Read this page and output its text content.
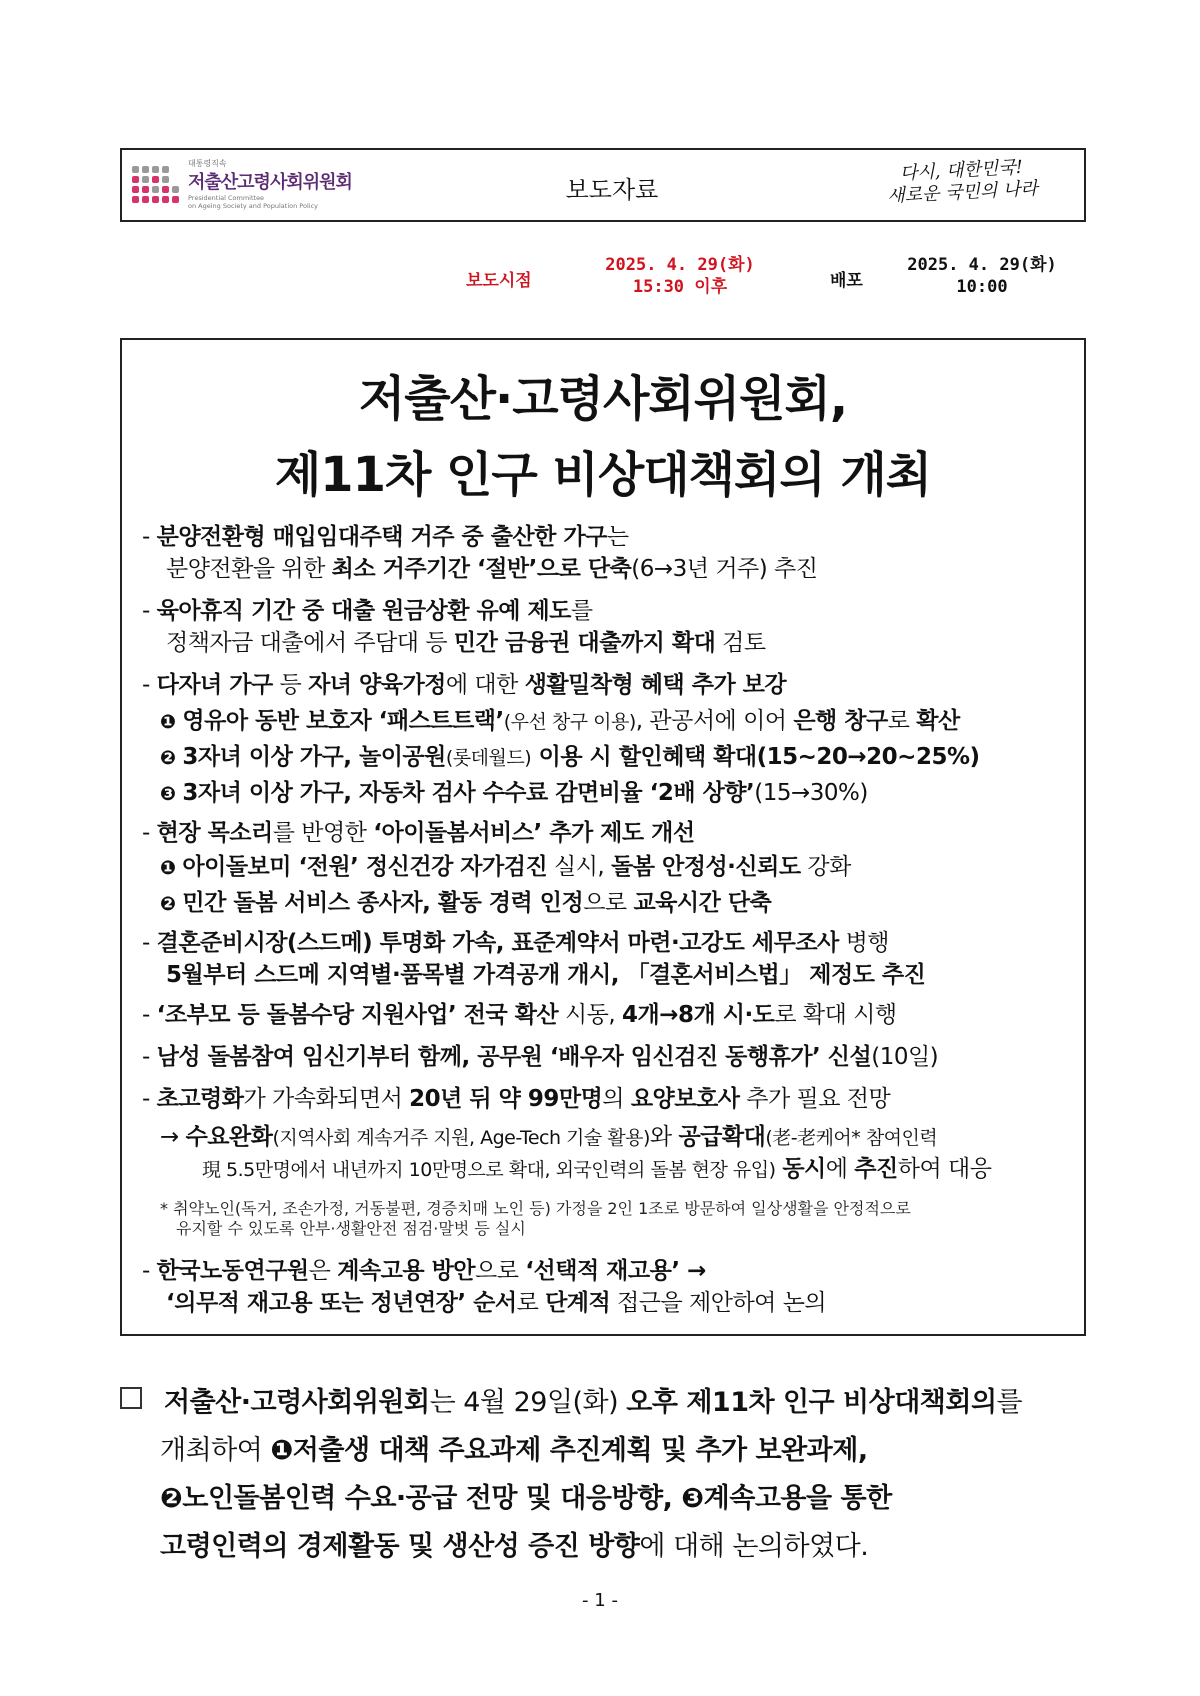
대통령직속
저출산고령사회위원회
Presidential Committee
on Ageing Society and Population Policy
보도자료
다시, 대한민국!
새로운 국민의 나라
보도시점
2025. 4. 29(화)
15:30 이후	배포
2025. 4. 29(화)
10:00
저출산·고령사회위원회,
제11차 인구 비상대책회의 개최
- 분양전환형 매입임대주택 거주 중 출산한 가구는
분양전환을 위한 최소 거주기간 ‘절반’으로 단축(6→3년 거주) 추진
- 육아휴직 기간 중 대출 원금상환 유예 제도를
정책자금 대출에서 주담대 등 민간 금융권 대출까지 확대 검토
- 다자녀 가구 등 자녀 양육가정에 대한 생활밀착형 혜택 추가 보강
❶ 영유아 동반 보호자 ‘패스트트랙’(우선 창구 이용), 관공서에 이어 은행 창구로 확산
❷ 3자녀 이상 가구, 놀이공원(롯데월드) 이용 시 할인혜택 확대(15~20→20~25%)
❸ 3자녀 이상 가구, 자동차 검사 수수료 감면비율 ‘2배 상향’(15→30%)
- 현장 목소리를 반영한 ‘아이돌봄서비스’ 추가 제도 개선
❶ 아이돌보미 ‘전원’ 정신건강 자가검진 실시, 돌봄 안정성·신뢰도 강화
❷ 민간 돌봄 서비스 종사자, 활동 경력 인정으로 교육시간 단축
- 결혼준비시장(스드메) 투명화 가속, 표준계약서 마련·고강도 세무조사 병행
5월부터 스드메 지역별·품목별 가격공개 개시, 「결혼서비스법」 제정도 추진
- ‘조부모 등 돌봄수당 지원사업’ 전국 확산 시동, 4개→8개 시·도로 확대 시행
- 남성 돌봄참여 임신기부터 함께, 공무원 ‘배우자 임신검진 동행휴가’ 신설(10일)
- 초고령화가 가속화되면서 20년 뒤 약 99만명의 요양보호사 추가 필요 전망
→ 수요완화(지역사회 계속거주 지원, Age-Tech 기술 활용)와 공급확대(老-老케어* 참여인력
現 5.5만명에서 내년까지 10만명으로 확대, 외국인력의 돌봄 현장 유입) 동시에 추진하여 대응
* 취약노인(독거, 조손가정, 거동불편, 경증치매 노인 등) 가정을 2인 1조로 방문하여 일상생활을 안정적으로
유지할 수 있도록 안부·생활안전 점검·말벗 등 실시
- 한국노동연구원은 계속고용 방안으로 ‘선택적 재고용’ →
‘의무적 재고용 또는 정년연장’ 순서로 단계적 접근을 제안하여 논의
저출산·고령사회위원회는 4월 29일(화) 오후 제11차 인구 비상대책회의를
개최하여 ❶저출생 대책 주요과제 추진계획 및 추가 보완과제,
❷노인돌봄인력 수요·공급 전망 및 대응방향, ❸계속고용을 통한
고령인력의 경제활동 및 생산성 증진 방향에 대해 논의하였다.
- 1 -
